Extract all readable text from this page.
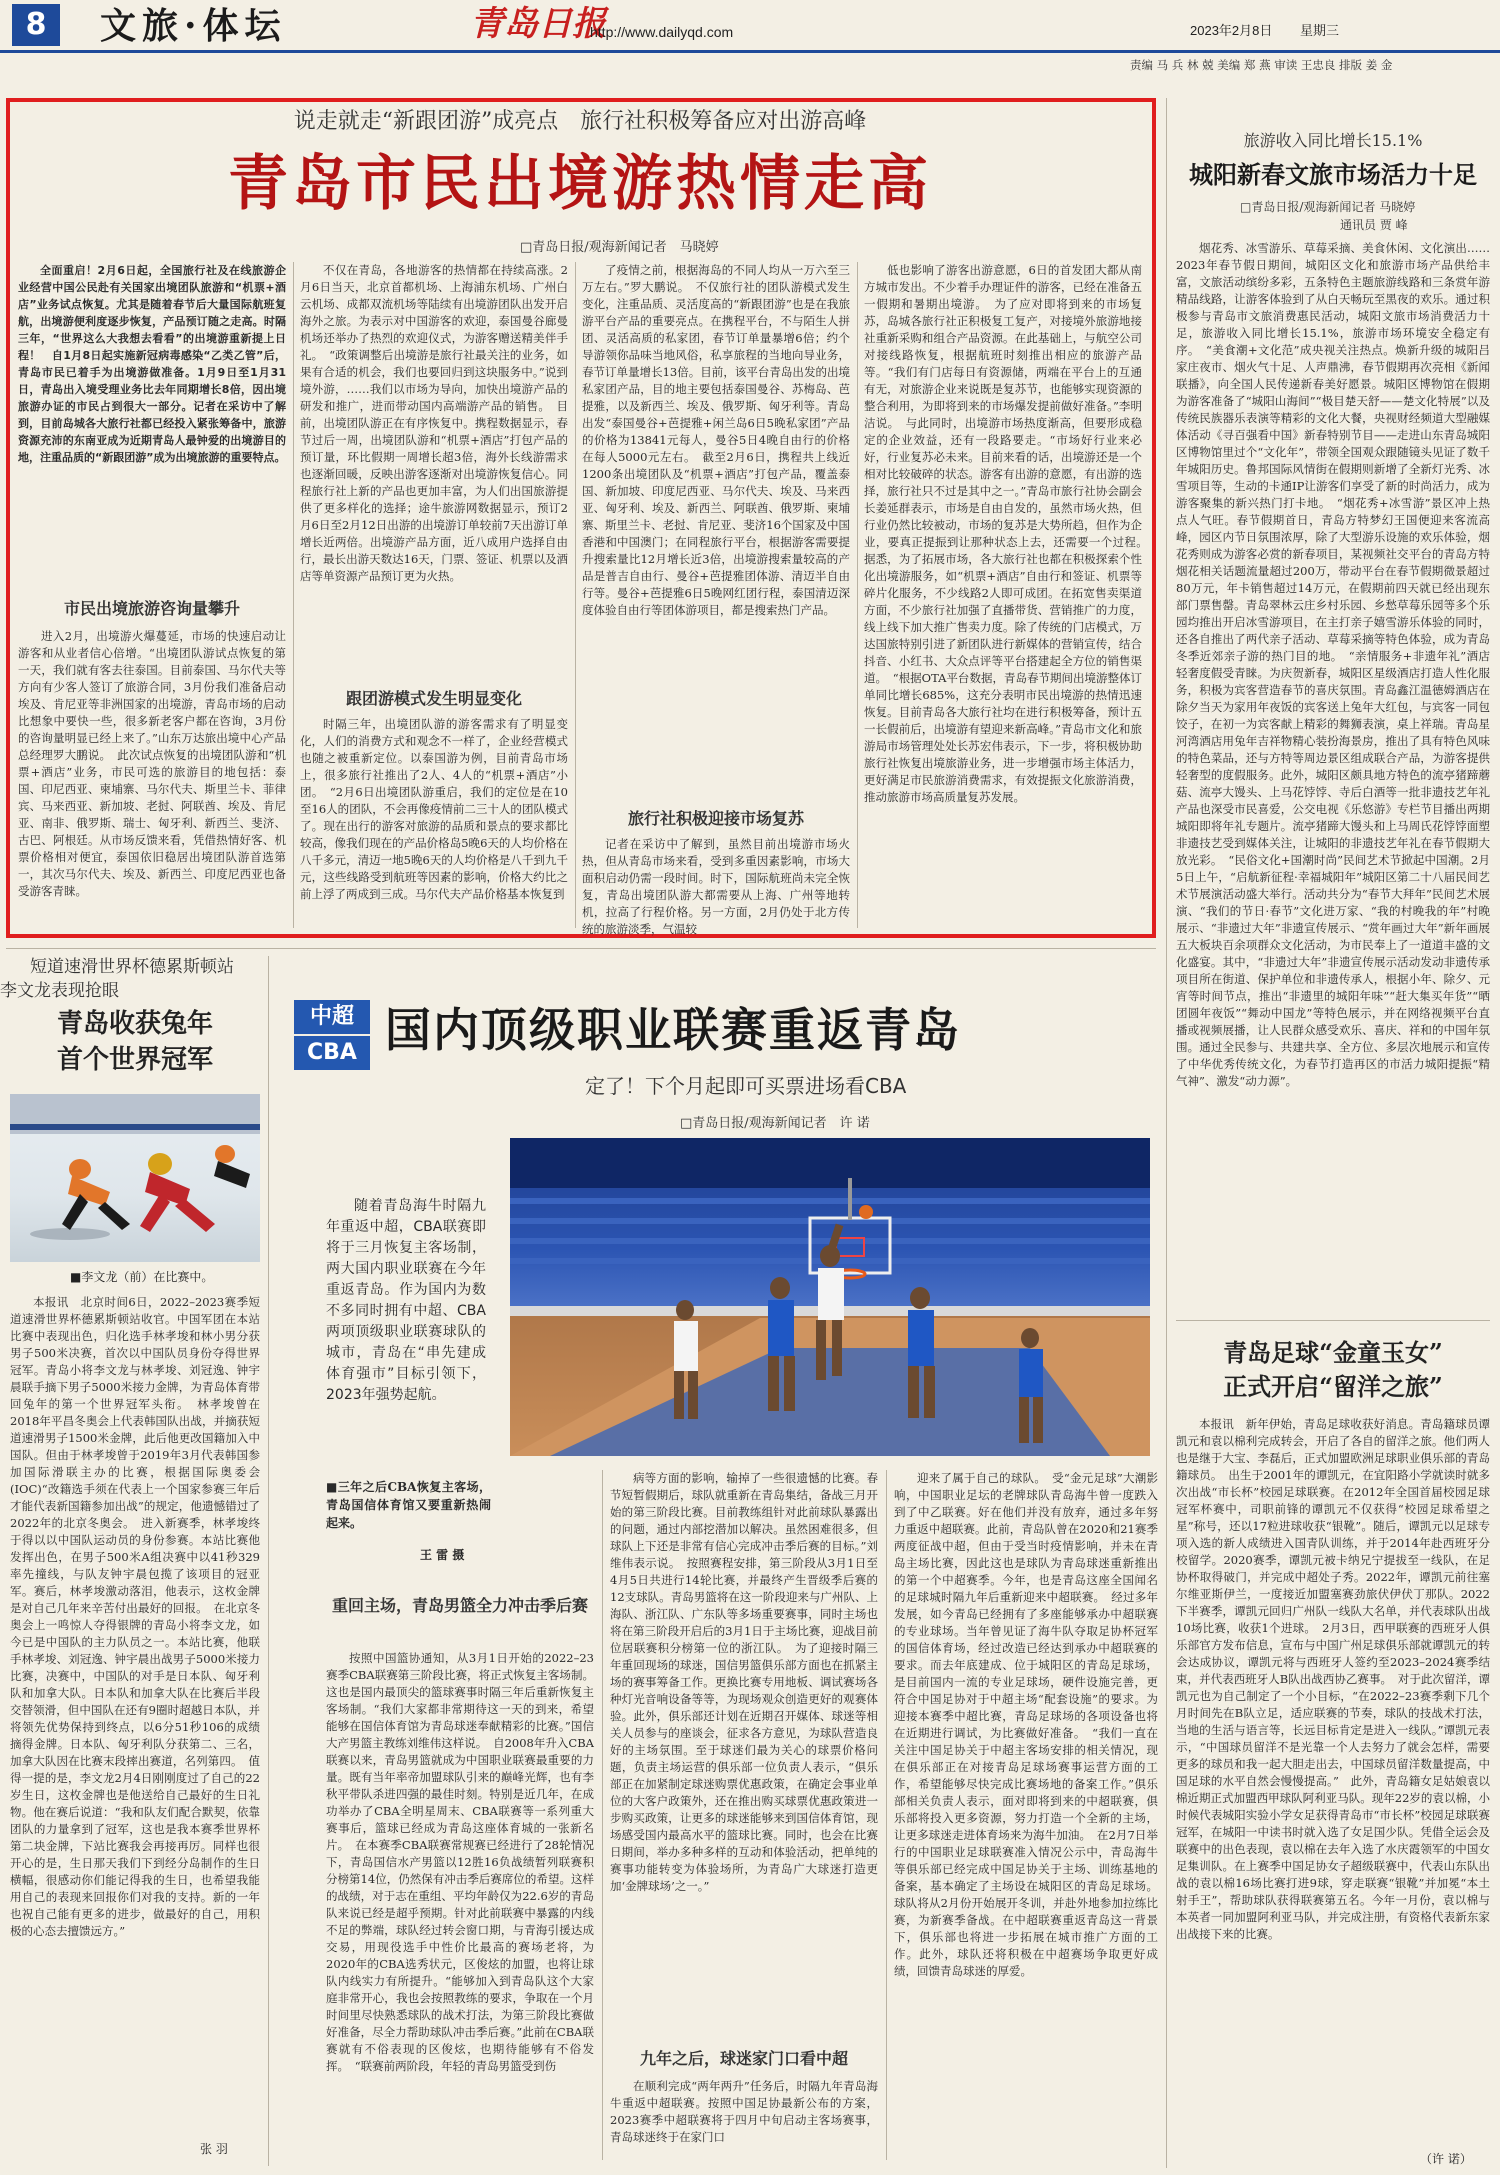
8	文旅·体坛	青岛日报
http://www.dailyqd.com	2023年2月8日 星期三
责编 马 兵 林 兢 美编 郑 燕 审读 王忠良 排版 姜 金
说走就走“新跟团游”成亮点　旅行社积极筹备应对出游高峰
青岛市民出境游热情走高
□青岛日报/观海新闻记者　马晓婷
全面重启！2月6日起，全国旅行社及在线旅游企业经营中国公民赴有关国家出境团队旅游和“机票+酒店”业务试点恢复。尤其是随着春节后大量国际航班复航，出境游便利度逐步恢复，产品预订随之走高。时隔三年，“世界这么大我想去看看”的出境游重新提上日程！　自1月8日起实施新冠病毒感染“乙类乙管”后，青岛市民已着手为出境游做准备。1月9日至1月31日，青岛出入境受理业务比去年同期增长8倍，因出境旅游办证的市民占到很大一部分。记者在采访中了解到，目前岛城各大旅行社都已经投入紧张筹备中，旅游资源充沛的东南亚成为近期青岛人最钟爱的出境游目的地，注重品质的“新跟团游”成为出境旅游的重要特点。
市民出境旅游咨询量攀升
进入2月，出境游火爆蔓延，市场的快速启动让游客和从业者信心倍增。“出境团队游试点恢复的第一天，我们就有客去往泰国。目前泰国、马尔代夫等方向有少客人签订了旅游合同，3月份我们准备启动埃及、肯尼亚等非洲国家的出境游，青岛市场的启动比想象中要快一些，很多新老客户都在咨询，3月份的咨询量明显已经上来了。”山东万达旅出境中心产品总经理罗大鹏说。　此次试点恢复的出境团队游和“机票+酒店”业务，市民可选的旅游目的地包括：泰国、印尼西亚、柬埔寨、马尔代夫、斯里兰卡、菲律宾、马来西亚、新加坡、老挝、阿联酋、埃及、肯尼亚、南非、俄罗斯、瑞士、匈牙利、新西兰、斐济、古巴、阿根廷。从市场反馈来看，凭借热情好客、机票价格相对便宜，泰国依旧稳居出境团队游首选第一，其次马尔代夫、埃及、新西兰、印度尼西亚也备受游客青睐。
不仅在青岛，各地游客的热情都在持续高涨。2月6日当天，北京首都机场、上海浦东机场、广州白云机场、成都双流机场等陆续有出境游团队出发开启海外之旅。为表示对中国游客的欢迎，泰国曼谷廊曼机场还举办了热烈的欢迎仪式，为游客赠送精美伴手礼。　“政策调整后出境游是旅行社最关注的业务，如果有合适的机会，我们也要回归到这块服务中。”说到境外游，……我们以市场为导向，加快出境游产品的研发和推广，进而带动国内高端游产品的销售。　目前，出境团队游正在有序恢复中。携程数据显示，春节过后一周，出境团队游和“机票+酒店”打包产品的预订量，环比假期一周增长超3倍，海外长线游需求也逐渐回暖，反映出游客逐渐对出境游恢复信心。同程旅行社上新的产品也更加丰富，为人们出国旅游提供了更多样化的选择；途牛旅游网数据显示，预订2月6日至2月12日出游的出境游订单较前7天出游订单增长近两倍。出境游产品方面，近八成用户选择自由行，最长出游天数达16天，门票、签证、机票以及酒店等单资源产品预订更为火热。
跟团游模式发生明显变化
时隔三年，出境团队游的游客需求有了明显变化，人们的消费方式和观念不一样了，企业经营模式也随之被重新定位。以泰国游为例，目前青岛市场上，很多旅行社推出了2人、4人的“机票+酒店”小团。　“2月6日出境团队游重启，我们的定位是在10至16人的团队，不会再像疫情前二三十人的团队模式了。现在出行的游客对旅游的品质和景点的要求都比较高，像我们现在的产品价格岛5晚6天的人均价格在八千多元，清迈一地5晚6天的人均价格是八千到九千元，这些线路受到航班等因素的影响，价格大约比之前上浮了两成到三成。马尔代夫产品价格基本恢复到
了疫情之前，根据海岛的不同人均从一万六至三万左右。”罗大鹏说。　不仅旅行社的团队游模式发生变化，注重品质、灵活度高的“新跟团游”也是在我旅游平台产品的重要亮点。在携程平台，不与陌生人拼团、灵活高质的私家团，春节订单量暴增6倍；约个导游领你品味当地风俗，私享旅程的当地向导业务，春节订单量增长13倍。目前，该平台青岛出发的出境私家团产品，目的地主要包括泰国曼谷、苏梅岛、芭提雅，以及新西兰、埃及、俄罗斯、匈牙利等。青岛出发“泰国曼谷+芭提雅+闲兰岛6日5晚私家团”产品的价格为13841元每人，曼谷5日4晚自由行的价格在每人5000元左右。　截至2月6日，携程共上线近1200条出境团队及“机票+酒店”打包产品，覆盖泰国、新加坡、印度尼西亚、马尔代夫、埃及、马来西亚、匈牙利、埃及、新西兰、阿联酋、俄罗斯、柬埔寨、斯里兰卡、老挝、肯尼亚、斐济16个国家及中国香港和中国澳门；在同程旅行平台，根据游客需要提升搜索量比12月增长近3倍，出境游搜索量较高的产品是普吉自由行、曼谷+芭提雅团体游、清迈半自由行等。曼谷+芭提雅6日5晚网红团行程，泰国清迈深度体验自由行等团体游项目，都是搜索热门产品。
旅行社积极迎接市场复苏
记者在采访中了解到，虽然目前出境游市场火热，但从青岛市场来看，受到多重因素影响，市场大面积启动仍需一段时间。时下，国际航班尚未完全恢复，青岛出境团队游大都需要从上海、广州等地转机，拉高了行程价格。另一方面，2月仍处于北方传统的旅游淡季，气温较
低也影响了游客出游意愿，6日的首发团大都从南方城市发出。不少着手办理证件的游客，已经在准备五一假期和暑期出境游。　为了应对即将到来的市场复苏，岛城各旅行社正积极复工复产，对接境外旅游地接社重新采购和组合产品资源。在此基础上，与航空公司对接线路恢复，根据航班时刻推出相应的旅游产品等。“我们有门店每日有资源储，两端在平台上的互通有无，对旅游企业来说既是复苏节，也能够实现资源的整合利用，为即将到来的市场爆发提前做好准备。”李明洁说。　与此同时，出境游市场热度渐高，但要形成稳定的企业效益，还有一段路要走。“市场好行业来必好，行业复苏必未来。目前来看的话，出境游还是一个相对比较破碎的状态。游客有出游的意愿，有出游的选择，旅行社只不过是其中之一。”青岛市旅行社协会副会长姜延群表示，市场是自由自发的，虽然市场火热，但行业仍然比较被动，市场的复苏是大势所趋，但作为企业，要真正提振到让那种状态上去，还需要一个过程。　据悉，为了拓展市场，各大旅行社也都在积极探索个性化出境游服务，如“机票+酒店”自由行和签证、机票等碎片化服务，不少线路2人即可成团。在拓宽售卖渠道方面，不少旅行社加强了直播带货、营销推广的力度，线上线下加大推广售卖力度。除了传统的门店模式，万达国旅特别引进了新团队进行新媒体的营销宣传，结合抖音、小红书、大众点评等平台搭建起全方位的销售渠道。　“根据OTA平台数据，青岛春节期间出境游整体订单同比增长685%，这充分表明市民出境游的热情迅速恢复。目前青岛各大旅行社均在进行积极筹备，预计五一长假前后，出境游有望迎来新高峰。”青岛市文化和旅游局市场管理处处长苏宏伟表示，下一步，将积极协助旅行社恢复出境旅游业务，进一步增强市场主体活力，更好满足市民旅游消费需求，有效提振文化旅游消费，推动旅游市场高质量复苏发展。
旅游收入同比增长15.1%
城阳新春文旅市场活力十足
□青岛日报/观海新闻记者 马晓婷
通讯员 贾 峰
烟花秀、冰雪游乐、草莓采摘、美食休闲、文化演出……2023年春节假日期间，城阳区文化和旅游市场产品供给丰富，文旅活动缤纷多彩，五条特色主题旅游线路和三条赏年游精品线路，让游客体验到了从白天畅玩至黑夜的欢乐。通过积极参与青岛市文旅消费惠民活动，城阳文旅市场消费活力十足，旅游收入同比增长15.1%，旅游市场环境安全稳定有序。　“美食潮+文化范”成央视关注热点。焕新升级的城阳吕家庄夜市、烟火气十足、人声鼎沸，春节假期再次亮相《新闻联播》，向全国人民传递新春美好愿景。城阳区博物馆在假期为游客准备了“城阳山海间”“极目楚天舒——楚文化特展”以及传统民族器乐表演等精彩的文化大餐，央视财经频道大型融媒体活动《寻百强看中国》新春特别节目——走进山东青岛城阳区博物馆里过个“文化年”，带领全国观众跟随镜头见证了数千年城阳历史。鲁邦国际风情街在假期则新增了全新灯光秀、冰雪项目等，生动的卡通IP让游客们享受了新的时尚活力，成为游客聚集的新兴热门打卡地。　“烟花秀+冰雪游”景区冲上热点人气旺。春节假期首日，青岛方特梦幻王国便迎来客流高峰，园区内节日氛围浓厚，除了大型游乐设施的欢乐体验，烟花秀则成为游客必赏的新春项目，某视频社交平台的青岛方特烟花相关话题流量超过200万，带动平台在春节假期微景超过80万元，年卡销售超过14万元，在假期前四天就已经出现东部门票售罄。青岛翠林云庄乡村乐园、乡愁草莓乐园等多个乐园均推出开启冰雪游项目，在主打亲子嬉雪游乐体验的同时，还各自推出了两代亲子活动、草莓采摘等特色体验，成为青岛冬季近郊亲子游的热门目的地。　“亲情服务+非遗年礼”酒店轻奢度假受青睐。为庆贺新春，城阳区星级酒店打造人性化服务，积极为宾客营造春节的喜庆氛围。青岛鑫江温德姆酒店在除夕当天为家用年夜饭的宾客送上兔年大红包，与宾客一同包饺子，在初一为宾客献上精彩的舞狮表演，桌上祥瑞。青岛星河湾酒店用兔年吉祥物精心装扮海景房，推出了具有特色风味的特色菜品，还与方特等周边景区组成联合产品，为游客提供轻奢型的度假服务。此外，城阳区颇具地方特色的流亭猪蹄蘑菇、流亭大馒头、上马花饽饽、寺后白酒等一批非遗技艺年礼产品也深受市民喜爱，公交电视《乐悠游》专栏节目播出两期城阳即将年礼专题片。流亭猪蹄大馒头和上马周氏花饽饽面塑非遗技艺受到媒体关注，让城阳的非遗技艺年礼在春节假期大放光彩。　“民俗文化+国潮时尚”民间艺术节掀起中国潮。2月5日上午，“启航新征程·幸福城阳年”城阳区第二十八届民间艺术节展演活动盛大举行。活动共分为“春节大拜年”民间艺术展演、“我们的节日·春节”文化进万家、“我的村晚我的年”村晚展示、“非遗过大年”非遗宣传展示、“赏年画过大年”新年画展五大板块百余项群众文化活动，为市民奉上了一道道丰盛的文化盛宴。其中，“非遗过大年”非遗宣传展示活动发动非遗传承项目所在街道、保护单位和非遗传承人，根据小年、除夕、元宵等时间节点，推出“非遗里的城阳年味”“赶大集买年货”“晒团圆年夜饭”“舞动中国龙”等特色展示，并在网络视频平台直播或视频展播，让人民群众感受欢乐、喜庆、祥和的中国年氛围。通过全民参与、共建共享、全方位、多层次地展示和宣传了中华优秀传统文化，为春节打造再区的市活力城阳提振“精气神”、激发“动力源”。
青岛足球“金童玉女”
正式开启“留洋之旅”
本报讯　新年伊始，青岛足球收获好消息。青岛籍球员谭凯元和袁以棉利完成转会，开启了各自的留洋之旅。他们两人也是继于大宝、李磊后，正式加盟欧洲足球职业俱乐部的青岛籍球员。　出生于2001年的谭凯元，在宜阳路小学就读时就多次出战“市长杯”校园足球联赛。在2012年全国首届校园足球冠军杯赛中，司职前锋的谭凯元不仅获得“校园足球希望之星”称号，还以17粒进球收获“银靴”。随后，谭凯元以足球专项入选的新人成绩进入国青队训练，并于2014年赴西班牙分校留学。2020赛季，谭凯元被卡纳兄宁提拔至一线队，在足协杯取得破门，并完成中超处子秀。2022年，谭凯元前往塞尔维亚斯伊兰，一度接近加盟塞赛劲旅伏伊伏丁那队。2022下半赛季，谭凯元回归广州队一线队大名单，并代表球队出战10场比赛，收获1个进球。　2月3日，西甲联赛的西班牙人俱乐部官方发布信息，宣布与中国广州足球俱乐部就谭凯元的转会达成协议，谭凯元将与西班牙人签约至2023–2024赛季结束，并代表西班牙人B队出战西协乙赛事。　对于此次留洋，谭凯元也为自己制定了一个小目标，“在2022–23赛季剩下几个月时间先在B队立足，适应联赛的节奏，球队的技战术打法，当地的生活与语言等，长远目标肯定是进入一线队。”谭凯元表示，“中国球员留洋不是光靠一个人去努力了就会怎样，需要更多的球员和我一起大胆走出去，中国球员留洋数量提高，中国足球的水平自然会慢慢提高。”　此外，青岛籍女足姑娘袁以棉近期正式加盟西甲球队阿利亚马队。现年22岁的袁以棉，小时候代表城阳实验小学女足获得青岛市“市长杯”校园足球联赛冠军，在城阳一中读书时就入选了女足国少队。凭借全运会及联赛中的出色表现，袁以棉在去年入选了水庆霞领军的中国女足集训队。在上赛季中国足协女子超级联赛中，代表山东队出战的袁以棉16场比赛打进9球，穿走联赛“银靴”并加冕“本土射手王”，帮助球队获得联赛第五名。今年一月份，袁以棉与本英者一同加盟阿利亚马队，并完成注册，有资格代表新东家出战接下来的比赛。
（许 诺）
短道速滑世界杯德累斯顿站
李文龙表现抢眼
青岛收获兔年
首个世界冠军
■李文龙（前）在比赛中。
本报讯　北京时间6日，2022–2023赛季短道速滑世界杯德累斯顿站收官。中国军团在本站比赛中表现出色，归化选手林孝埈和林小男分获男子500米决赛，首次以中国队员身份夺得世界冠军。青岛小将李文龙与林孝埈、刘冠逸、钟宇晨联手摘下男子5000米接力金牌，为青岛体育带回兔年的第一个世界冠军头衔。　林孝埈曾在2018年平昌冬奥会上代表韩国队出战，并摘获短道速滑男子1500米金牌，此后他更改国籍加入中国队。但由于林孝埈曾于2019年3月代表韩国参加国际滑联主办的比赛，根据国际奥委会(IOC)“改籍选手须在代表上一个国家参赛三年后才能代表新国籍参加出战”的规定，他遗憾错过了2022年的北京冬奥会。　进入新赛季，林孝埈终于得以以中国队运动员的身份参赛。本站比赛他发挥出色，在男子500米A组决赛中以41秒329率先撞线，与队友钟宇晨包揽了该项目的冠亚军。赛后，林孝埈激动落泪，他表示，这枚金牌是对自己几年来辛苦付出最好的回报。　在北京冬奥会上一鸣惊人夺得银牌的青岛小将李文龙，如今已是中国队的主力队员之一。本站比赛，他联手林孝埈、刘冠逸、钟宇晨出战男子5000米接力比赛，决赛中，中国队的对手是日本队、匈牙利队和加拿大队。日本队和加拿大队在比赛后半段交替领滑，但中国队在还有9圈时超越日本队，并将领先优势保持到终点，以6分51秒106的成绩摘得金牌。日本队、匈牙利队分获第二、三名，加拿大队因在比赛末段摔出赛道，名列第四。　值得一提的是，李文龙2月4日刚刚度过了自己的22岁生日，这枚金牌也是他送给自己最好的生日礼物。他在赛后说道：“我和队友们配合默契，依靠团队的力量拿到了冠军，这也是我本赛季世界杯第二块金牌，下站比赛我会再接再厉。同样也很开心的是，生日那天我们下到经分岛制作的生日横幅，很感动你们能记得我的生日，也希望我能用自己的表现来回报你们对我的支持。新的一年也祝自己能有更多的进步，做最好的自己，用积极的心态去擅馈远方。”
张 羽
中超
CBA 国内顶级职业联赛重返青岛
定了！下个月起即可买票进场看CBA
□青岛日报/观海新闻记者　许 诺
随着青岛海牛时隔九年重返中超，CBA联赛即将于三月恢复主客场制，两大国内职业联赛在今年重返青岛。作为国内为数不多同时拥有中超、CBA两项顶级职业联赛球队的城市，青岛在“串先建成体育强市”目标引领下，2023年强势起航。
■三年之后CBA恢复主客场，青岛国信体育馆又要重新热闹起来。
王 雷 摄
重回主场，青岛男篮全力冲击季后赛
按照中国篮协通知，从3月1日开始的2022–23赛季CBA联赛第三阶段比赛，将正式恢复主客场制。这也是国内最顶尖的篮球赛事时隔三年后重新恢复主客场制。“我们大家都非常期待这一天的到来，希望能够在国信体育馆为青岛球迷奉献精彩的比赛。”国信大产男篮主教练刘维伟这样说。　自2008年升入CBA联赛以来，青岛男篮就成为中国职业联赛最重要的力量。既有当年率帝加盟球队引来的巅峰光辉，也有李秋平带队杀进四强的最佳时刻。特别是近几年，在成功举办了CBA全明星周末、CBA联赛等一系列重大赛事后，篮球已经成为青岛这座体育城的一张新名片。　在本赛季CBA联赛常规赛已经进行了28轮情况下，青岛国信水产男篮以12胜16负战绩暂列联赛积分榜第14位，仍然保有冲击季后赛席位的希望。这样的战绩，对于志在重组、平均年龄仅为22.6岁的青岛队来说已经是超乎预期。针对此前联赛中暴露的内线不足的弊端，球队经过转会窗口期，与青海引援达成交易，用现役选手中性价比最高的赛场老将，为2020年的CBA选秀状元，区俊炫的加盟，也将让球队内线实力有所提升。“能够加入到青岛队这个大家庭非常开心，我也会按照教练的要求，争取在一个月时间里尽快熟悉球队的战术打法，为第三阶段比赛做好准备，尽全力帮助球队冲击季后赛。”此前在CBA联赛就有不俗表现的区俊炫，也期待能够有不俗发挥。　“联赛前两阶段，年轻的青岛男篮受到伤
病等方面的影响，输掉了一些很遗憾的比赛。春节短暂假期后，球队就重新在青岛集结，备战三月开始的第三阶段比赛。目前教练组针对此前球队暴露出的问题，通过内部挖潜加以解决。虽然困难很多，但球队上下还是非常有信心完成冲击季后赛的目标。”刘维伟表示说。　按照赛程安排，第三阶段从3月1日至4月5日共进行14轮比赛，并最终产生晋级季后赛的12支球队。青岛男篮将在这一阶段迎来与广州队、上海队、浙江队、广东队等多场重要赛事，同时主场也将在第三阶段开启后的3月1日于主场比赛，迎战目前位居联赛积分榜第一位的浙江队。　为了迎接时隔三年重回现场的球迷，国信男篮俱乐部方面也在抓紧主场的赛事筹备工作。更换比赛专用地板、调试赛场各种灯光音响设备等等，为现场观众创造更好的观赛体验。此外，俱乐部还计划在近期召开媒体、球迷等相关人员参与的座谈会，征求各方意见，为球队营造良好的主场氛围。至于球迷们最为关心的球票价格问题，负责主场运营的俱乐部一位负责人表示，“俱乐部正在加紧制定球迷购票优惠政策，在确定会事业单位的大客户政策外，还在推出购买球票优惠政策进一步购买政策，让更多的球迷能够来到国信体育馆，现场感受国内最高水平的篮球比赛。同时，也会在比赛日期间，举办多种多样的互动和体验活动，把单纯的赛事功能转变为体验场所，为青岛广大球迷打造更加‘金牌球场’之一。”
九年之后，球迷家门口看中超
在顺利完成“两年两升”任务后，时隔九年青岛海牛重返中超联赛。按照中国足协最新公布的方案，2023赛季中超联赛将于四月中旬启动主客场赛事，青岛球迷终于在家门口
迎来了属于自己的球队。　受“金元足球”大潮影响，中国职业足坛的老牌球队青岛海牛曾一度跌入到了中乙联赛。好在他们并没有放弃，通过多年努力重返中超联赛。此前，青岛队曾在2020和21赛季两度征战中超，但由于受当时疫情影响，并未在青岛主场比赛，因此这也是球队为青岛球迷重新推出的第一个中超赛季。今年，也是青岛这座全国闻名的足球城时隔九年后重新迎来中超联赛。　经过多年发展，如今青岛已经拥有了多座能够承办中超联赛的专业球场。当年曾见证了海牛队夺取足协杯冠军的国信体育场，经过改造已经达到承办中超联赛的要求。而去年底建成、位于城阳区的青岛足球场，是目前国内一流的专业足球场，硬件设施完善，更符合中国足协对于中超主场“配套设施”的要求。为迎接本赛季中超比赛，青岛足球场的各项设备也将在近期进行调试，为比赛做好准备。　“我们一直在关注中国足协关于中超主客场安排的相关情况，现在俱乐部正在对接青岛足球场赛事运营方面的工作，希望能够尽快完成比赛场地的备案工作。”俱乐部相关负责人表示，面对即将到来的中超联赛，俱乐部将投入更多资源，努力打造一个全新的主场，让更多球迷走进体育场来为海牛加油。　在2月7日举行的中国职业足球联赛准入情况公示中，青岛海牛等俱乐部已经完成中国足协关于主场、训练基地的备案，基本确定了主场设在城阳区的青岛足球场。球队将从2月份开始展开冬训，并赴外地参加拉练比赛，为新赛季备战。在中超联赛重返青岛这一背景下，俱乐部也将进一步拓展在城市推广方面的工作。此外，球队还将积极在中超赛场争取更好成绩，回馈青岛球迷的厚爱。
